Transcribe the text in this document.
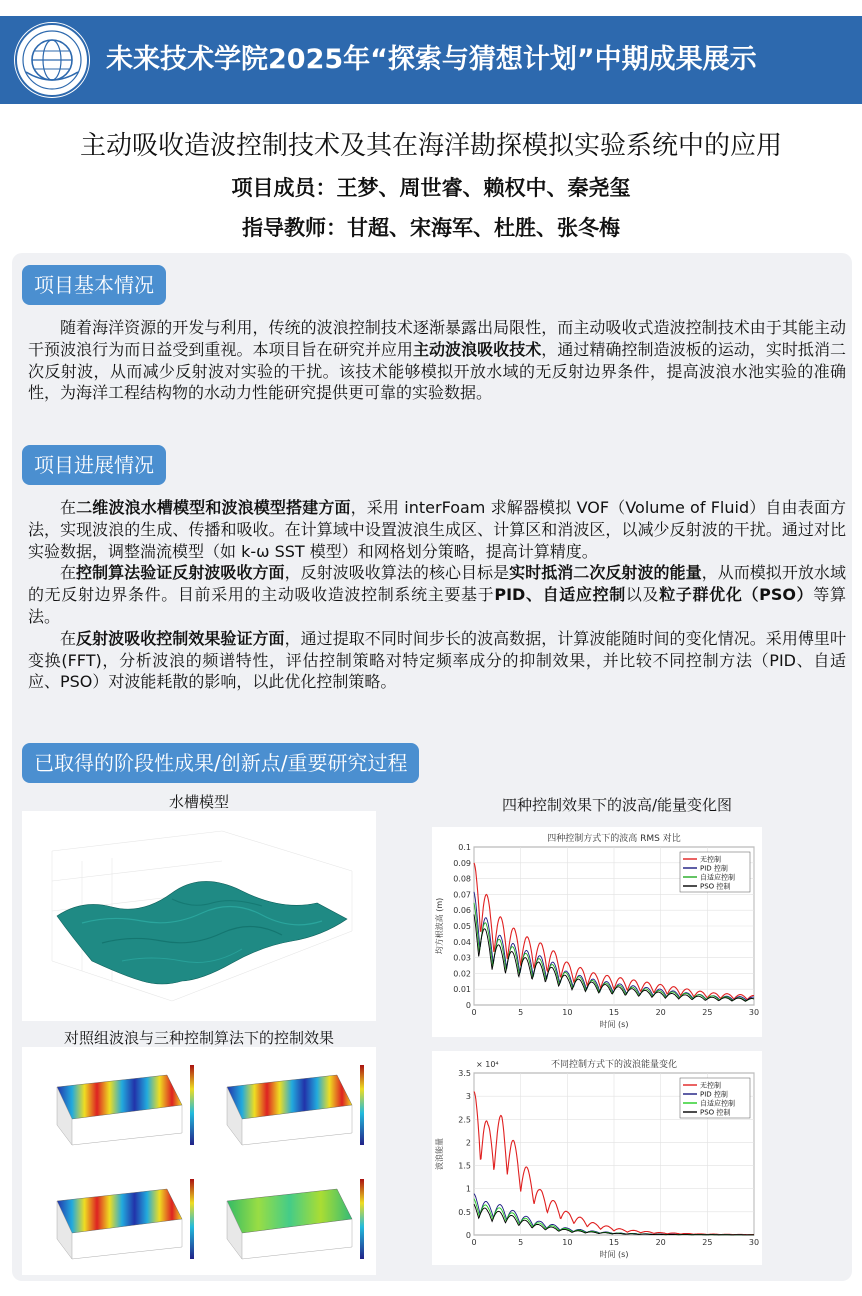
未来技术学院2025年“探索与猜想计划”中期成果展示
主动吸收造波控制技术及其在海洋勘探模拟实验系统中的应用
项目成员：王梦、周世睿、赖权中、秦尧玺
指导教师：甘超、宋海军、杜胜、张冬梅
项目基本情况
随着海洋资源的开发与利用，传统的波浪控制技术逐渐暴露出局限性，而主动吸收式造波控制技术由于其能主动干预波浪行为而日益受到重视。本项目旨在研究并应用主动波浪吸收技术，通过精确控制造波板的运动，实时抵消二次反射波，从而减少反射波对实验的干扰。该技术能够模拟开放水域的无反射边界条件，提高波浪水池实验的准确性，为海洋工程结构物的水动力性能研究提供更可靠的实验数据。
项目进展情况
在二维波浪水槽模型和波浪模型搭建方面，采用 interFoam 求解器模拟 VOF（Volume of Fluid）自由表面方法，实现波浪的生成、传播和吸收。在计算域中设置波浪生成区、计算区和消波区，以减少反射波的干扰。通过对比实验数据，调整湍流模型（如 k-ω SST 模型）和网格划分策略，提高计算精度。
在控制算法验证反射波吸收方面，反射波吸收算法的核心目标是实时抵消二次反射波的能量，从而模拟开放水域的无反射边界条件。目前采用的主动吸收造波控制系统主要基于PID、自适应控制以及粒子群优化（PSO）等算法。
在反射波吸收控制效果验证方面，通过提取不同时间步长的波高数据，计算波能随时间的变化情况。采用傅里叶变换(FFT)，分析波浪的频谱特性，评估控制策略对特定频率成分的抑制效果，并比较不同控制方法（PID、自适应、PSO）对波能耗散的影响，以此优化控制策略。
已取得的阶段性成果/创新点/重要研究过程
水槽模型
对照组波浪与三种控制算法下的控制效果
四种控制效果下的波高/能量变化图
四种控制方式下的波高 RMS 对比
0	5	10	15	20	25	30
0
0.01
0.02
0.03
0.04
0.05
0.06
0.07
0.08
0.09
0.1
时间 (s)
均方根波高 (m)
无控制
PID 控制
自适应控制
PSO 控制
不同控制方式下的波浪能量变化
× 10⁴
0	5	10	15	20	25	30
0
0.5
1
1.5
2
2.5
3
3.5
时间 (s)
波浪能量
无控制
PID 控制
自适应控制
PSO 控制
